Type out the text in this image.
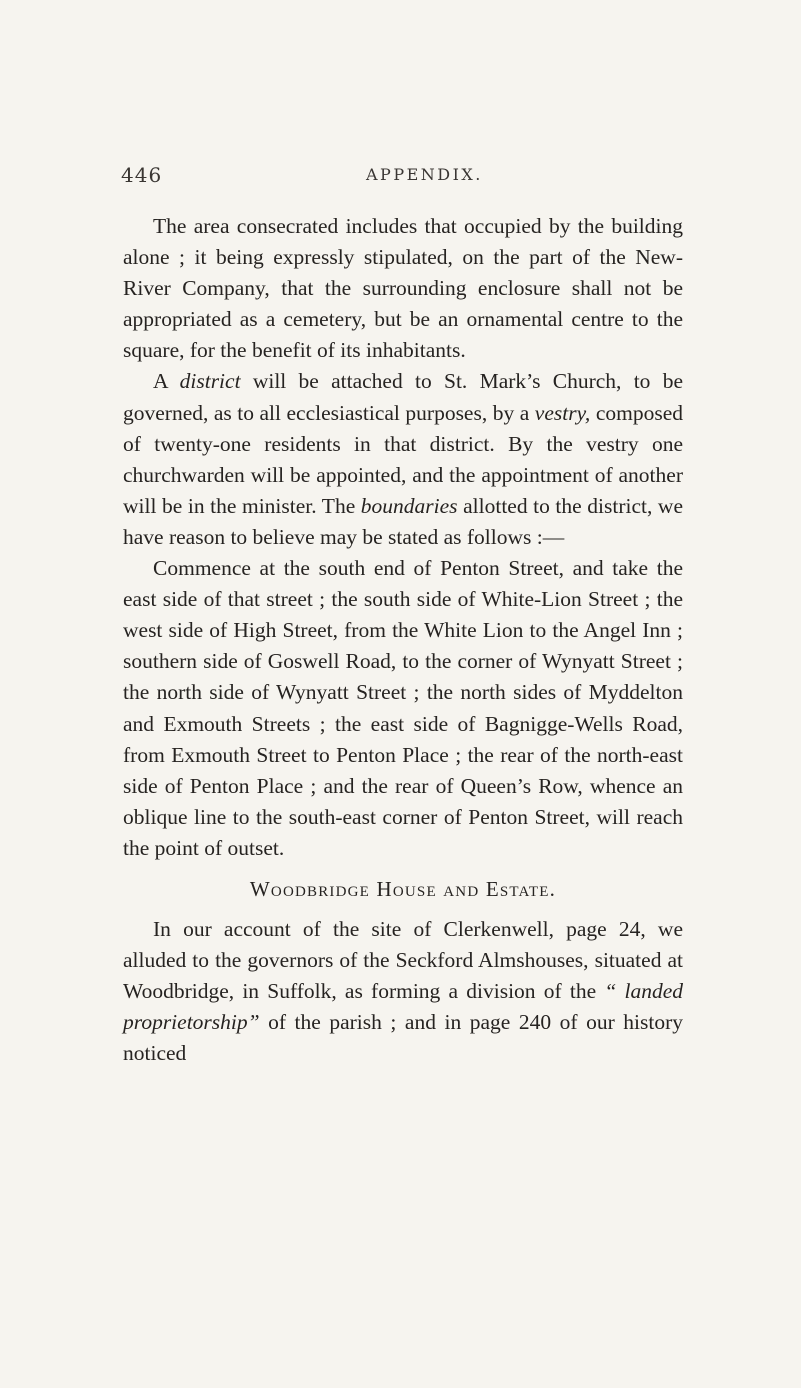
446	APPENDIX.

The area consecrated includes that occupied by the building alone ; it being expressly stipulated, on the part of the New-River Company, that the surrounding enclosure shall not be appropriated as a cemetery, but be an ornamental centre to the square, for the benefit of its inhabitants.

A district will be attached to St. Mark’s Church, to be governed, as to all ecclesiastical purposes, by a vestry, composed of twenty-one residents in that district. By the vestry one churchwarden will be appointed, and the appointment of another will be in the minister. The boundaries allotted to the district, we have reason to believe may be stated as follows :—

Commence at the south end of Penton Street, and take the east side of that street ; the south side of White-Lion Street ; the west side of High Street, from the White Lion to the Angel Inn ; southern side of Goswell Road, to the corner of Wynyatt Street ; the north side of Wynyatt Street ; the north sides of Myddelton and Exmouth Streets ; the east side of Bagnigge-Wells Road, from Exmouth Street to Penton Place ; the rear of the north-east side of Penton Place ; and the rear of Queen’s Row, whence an oblique line to the south-east corner of Penton Street, will reach the point of outset.

Woodbridge House and Estate.

In our account of the site of Clerkenwell, page 24, we alluded to the governors of the Seckford Almshouses, situated at Woodbridge, in Suffolk, as forming a division of the “ landed proprietorship” of the parish ; and in page 240 of our history noticed
